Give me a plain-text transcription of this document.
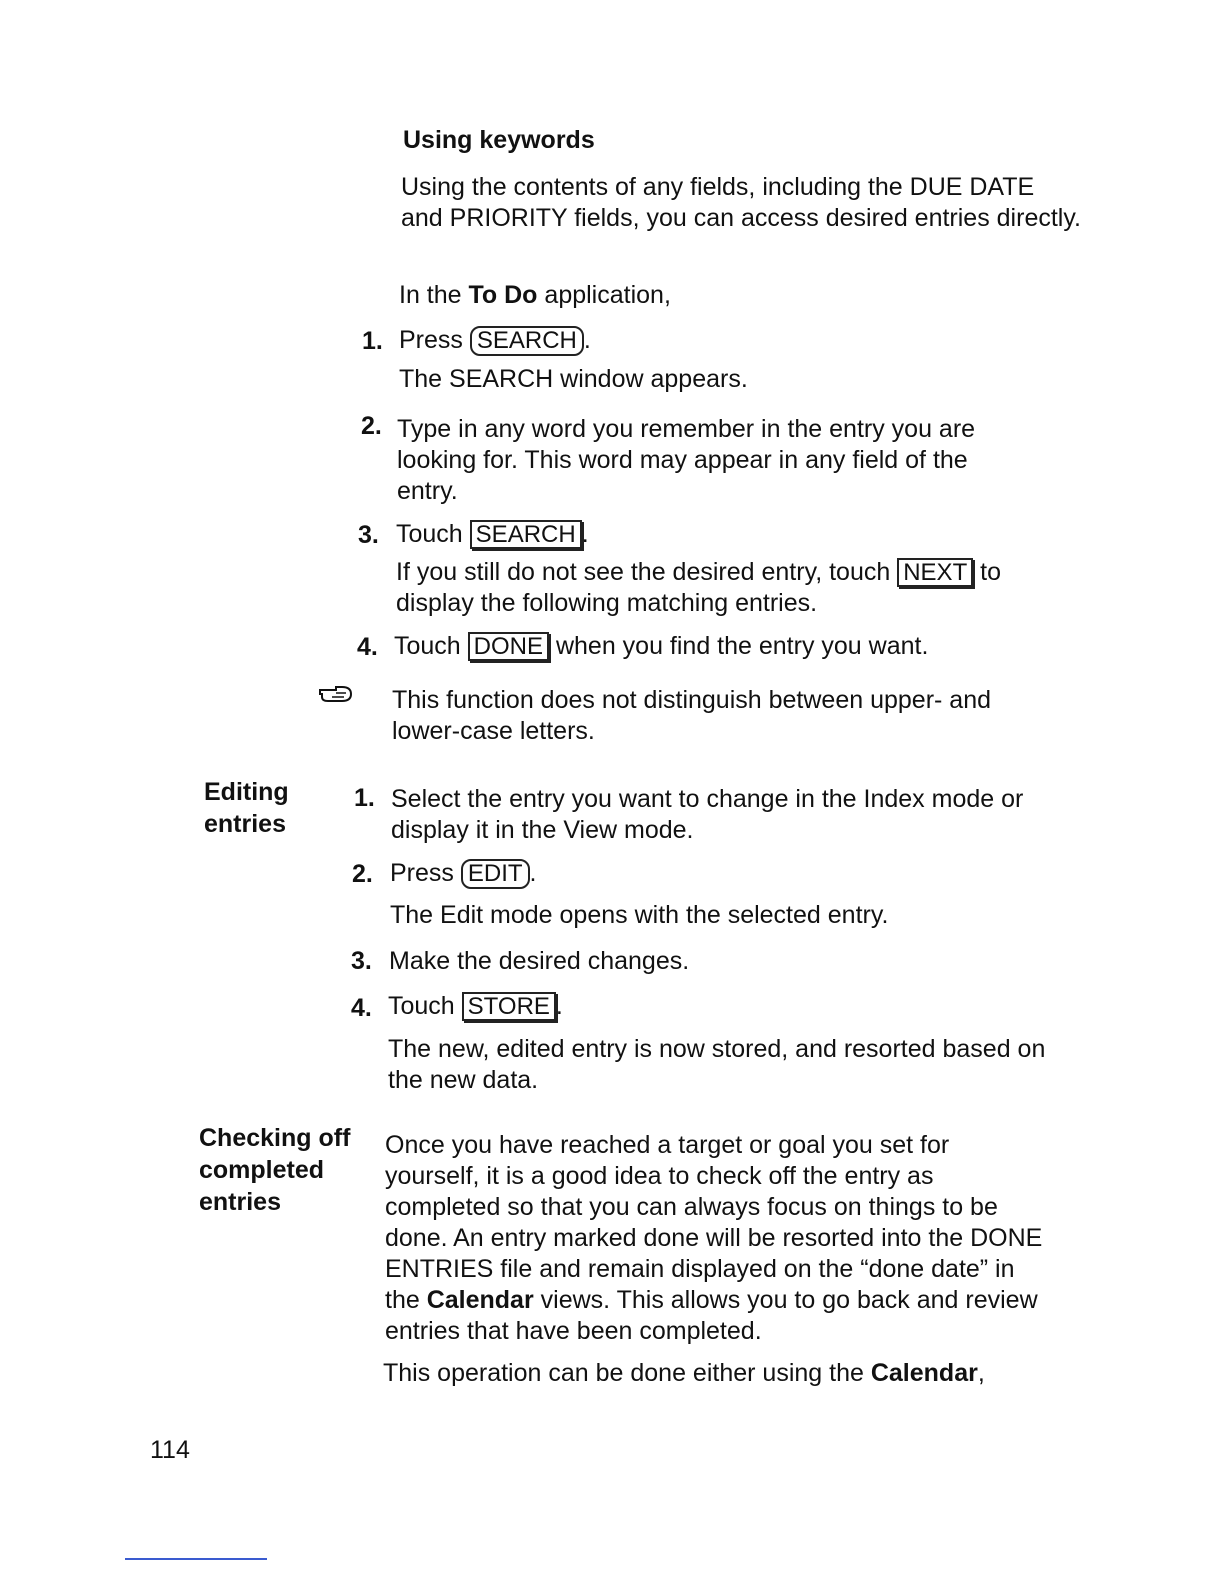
Using keywords
Using the contents of any fields, including the DUE DATE and PRIORITY fields, you can access desired entries directly.
In the To Do application,
1. Press SEARCH .
The SEARCH window appears.
2. Type in any word you remember in the entry you are looking for. This word may appear in any field of the entry.
3. Touch SEARCH .
If you still do not see the desired entry, touch NEXT to display the following matching entries.
4. Touch DONE when you find the entry you want.
This function does not distinguish between upper- and lower-case letters.
Editing
entries
1. Select the entry you want to change in the Index mode or display it in the View mode.
2. Press EDIT .
The Edit mode opens with the selected entry.
3. Make the desired changes.
4. Touch STORE .
The new, edited entry is now stored, and resorted based on the new data.
Checking off
completed
entries
Once you have reached a target or goal you set for yourself, it is a good idea to check off the entry as completed so that you can always focus on things to be done. An entry marked done will be resorted into the DONE ENTRIES file and remain displayed on the “done date” in the Calendar views. This allows you to go back and review entries that have been completed.
This operation can be done either using the Calendar,
114
